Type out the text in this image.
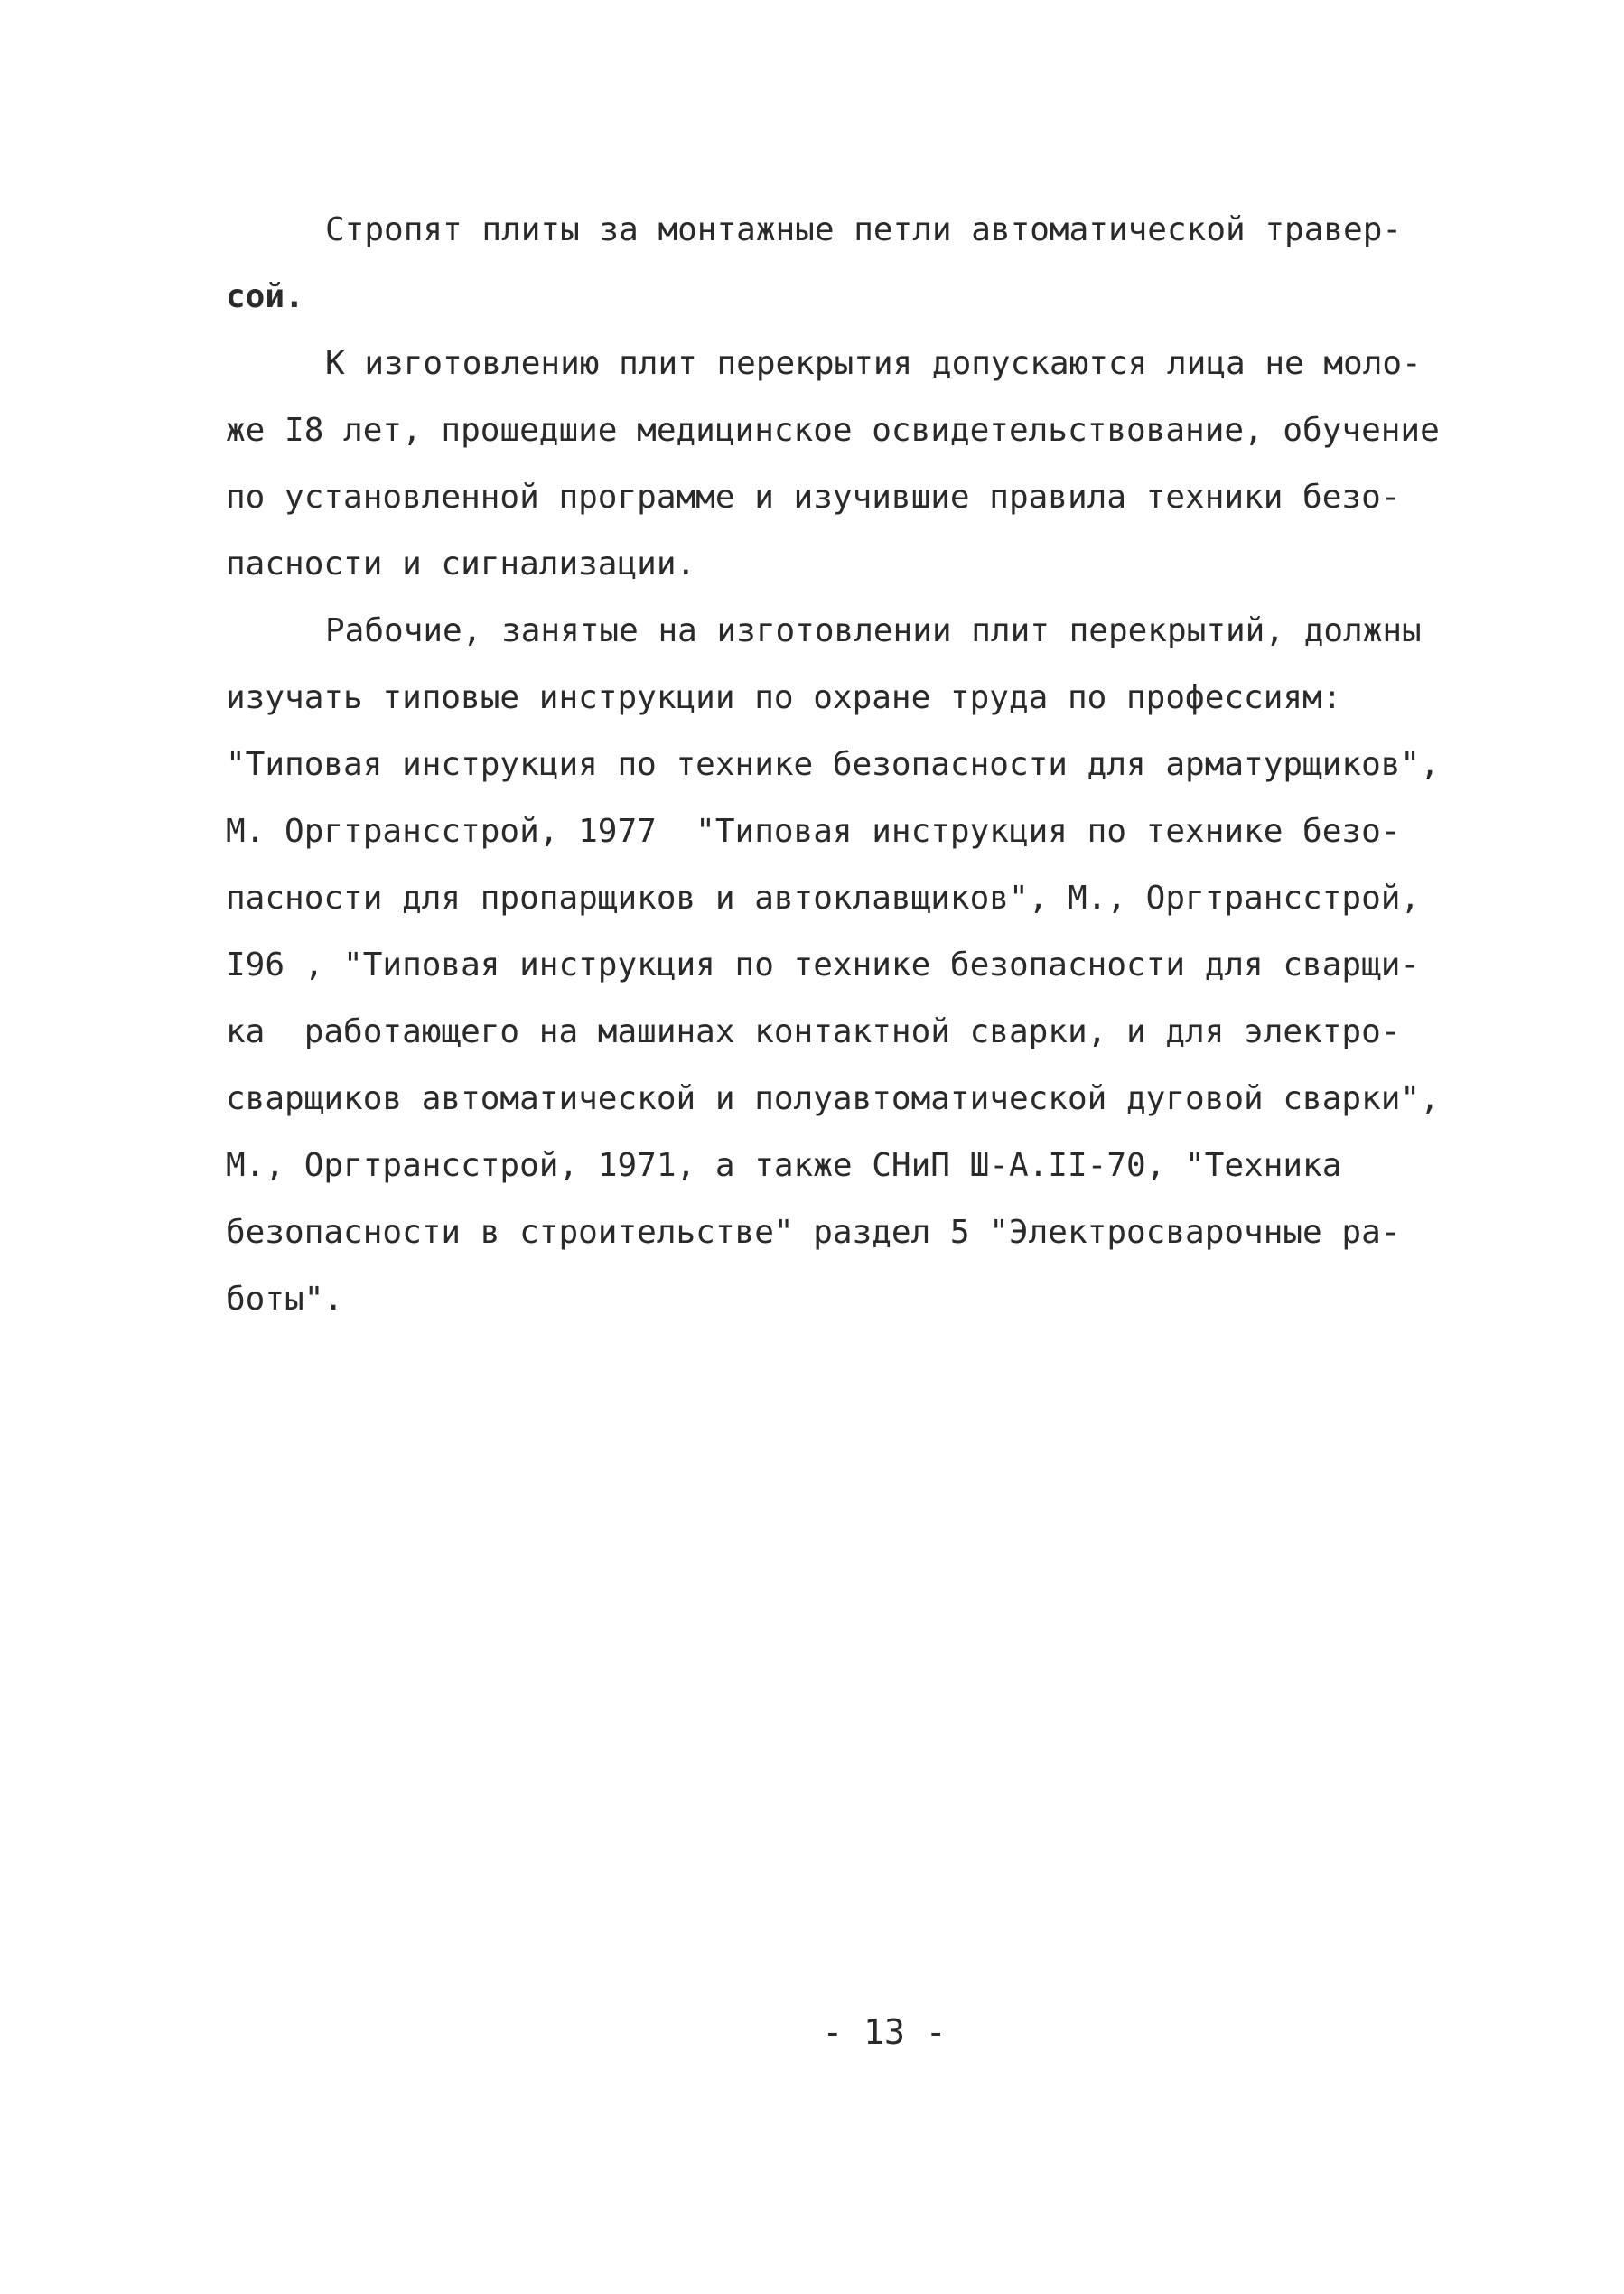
Стропят плиты за монтажные петли автоматической травер-
сой.
К изготовлению плит перекрытия допускаются лица не моло-
же I8 лет, прошедшие медицинское освидетельствование, обучение
по установленной программе и изучившие правила техники безо-
пасности и сигнализации.
Рабочие, занятые на изготовлении плит перекрытий, должны
изучать типовые инструкции по охране труда по профессиям:
"Типовая инструкция по технике безопасности для арматурщиков",
М. Оргтрансстрой, 1977  "Типовая инструкция по технике безо-
пасности для пропарщиков и автоклавщиков", М., Оргтрансстрой,
I96 , "Типовая инструкция по технике безопасности для сварщи-
ка  работающего на машинах контактной сварки, и для электро-
сварщиков автоматической и полуавтоматической дуговой сварки",
М., Оргтрансстрой, 1971, а также СНиП Ш-А.II-70, "Техника
безопасности в строительстве" раздел 5 "Электросварочные ра-
боты".
- 13 -
